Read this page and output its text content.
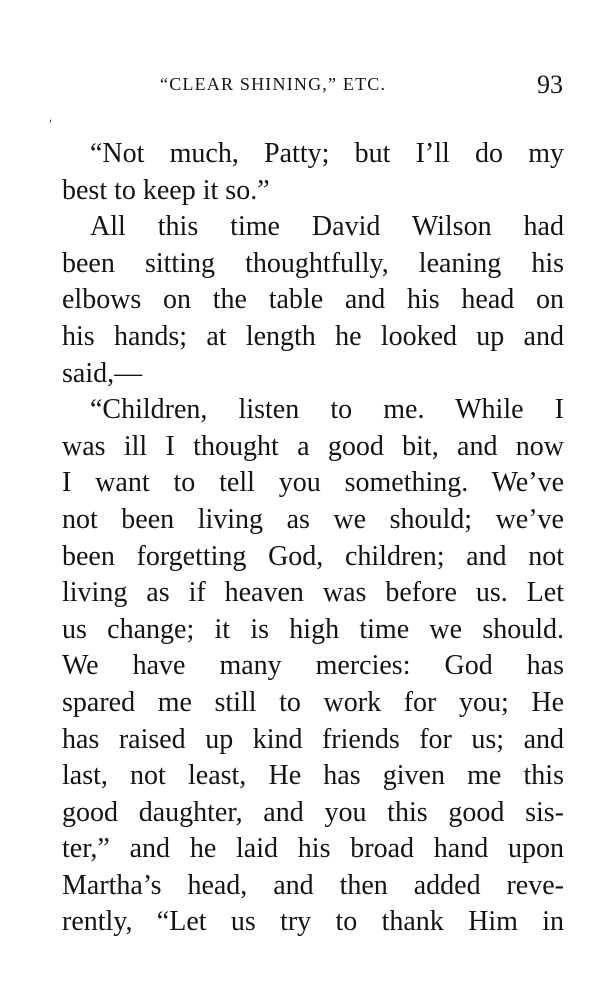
“CLEAR SHINING,” ETC.	93
ʹ
“Not much, Patty; but I’ll do my
best to keep it so.”
All this time David Wilson had
been sitting thoughtfully, leaning his
elbows on the table and his head on
his hands; at length he looked up and
said,—
“Children, listen to me. While I
was ill I thought a good bit, and now
I want to tell you something. We’ve
not been living as we should; we’ve
been forgetting God, children; and not
living as if heaven was before us. Let
us change; it is high time we should.
We have many mercies: God has
spared me still to work for you; He
has raised up kind friends for us; and
last, not least, He has given me this
good daughter, and you this good sis-
ter,” and he laid his broad hand upon
Martha’s head, and then added reve-
rently, “Let us try to thank Him in
